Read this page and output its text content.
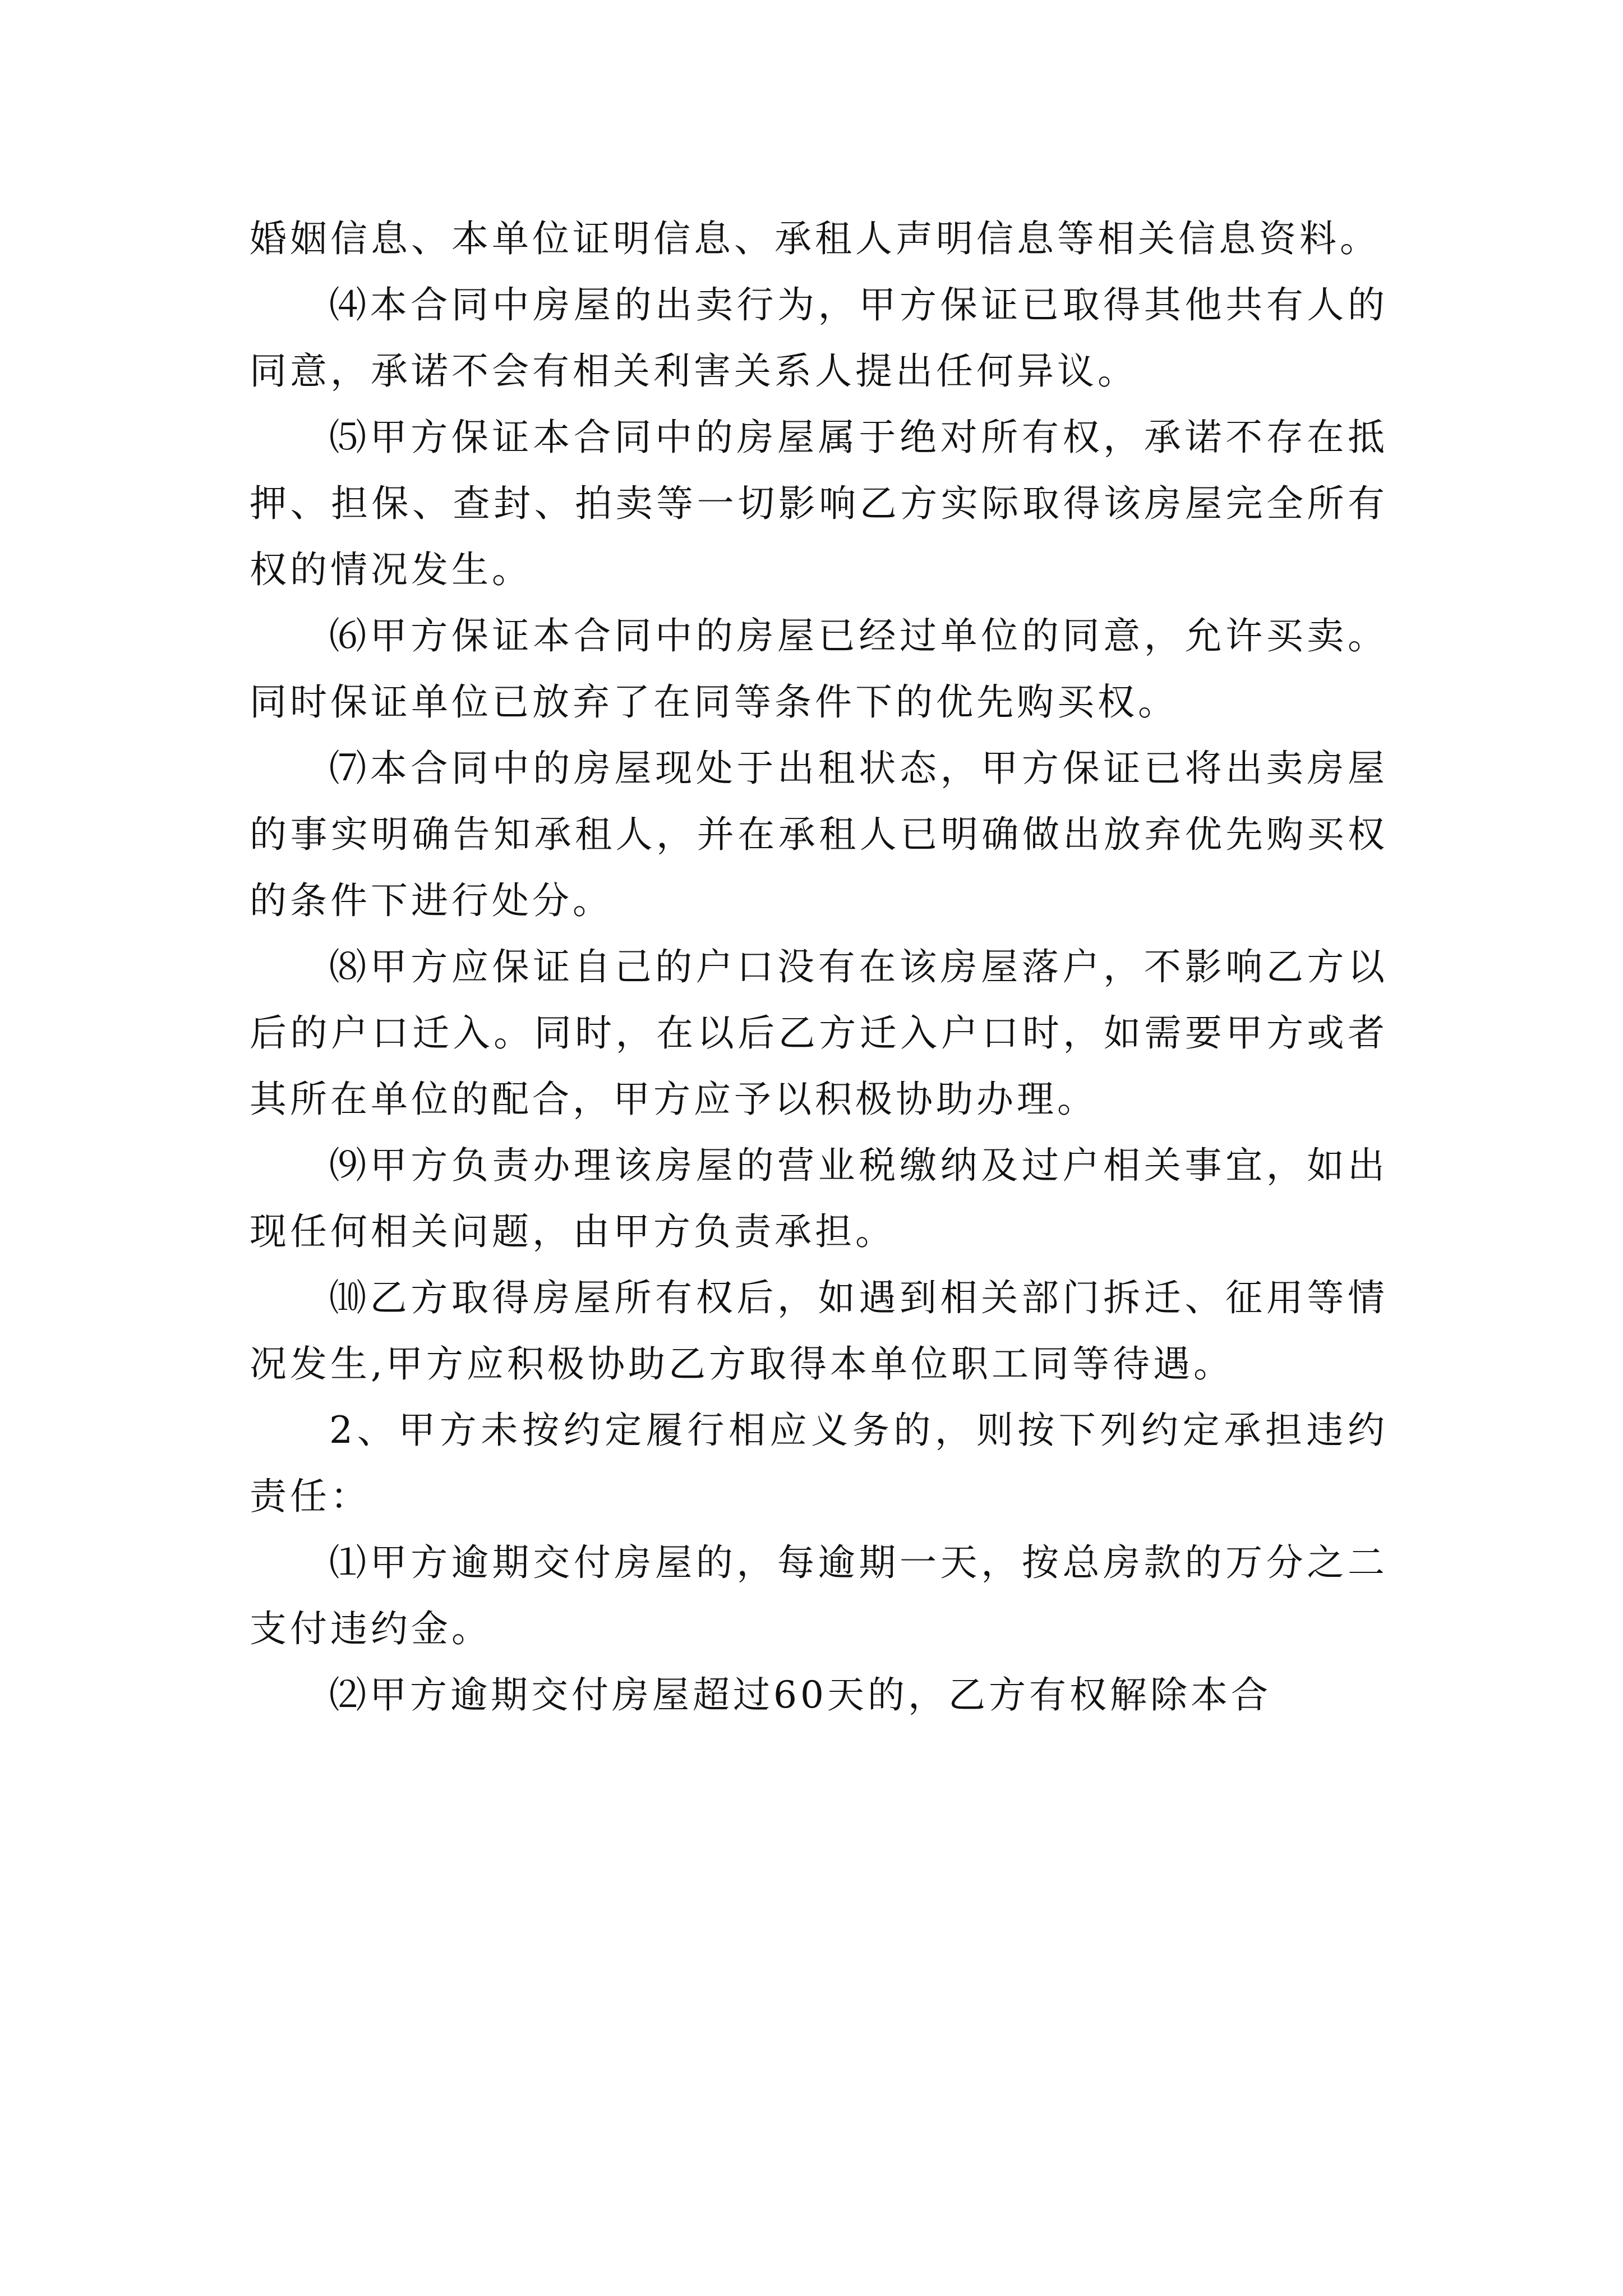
婚姻信息、本单位证明信息、承租人声明信息等相关信息资料。

⑷本合同中房屋的出卖行为，甲方保证已取得其他共有人的同意，承诺不会有相关利害关系人提出任何异议。

⑸甲方保证本合同中的房屋属于绝对所有权，承诺不存在抵押、担保、查封、拍卖等一切影响乙方实际取得该房屋完全所有权的情况发生。

⑹甲方保证本合同中的房屋已经过单位的同意，允许买卖。同时保证单位已放弃了在同等条件下的优先购买权。

⑺本合同中的房屋现处于出租状态，甲方保证已将出卖房屋的事实明确告知承租人，并在承租人已明确做出放弃优先购买权的条件下进行处分。

⑻甲方应保证自己的户口没有在该房屋落户，不影响乙方以后的户口迁入。同时，在以后乙方迁入户口时，如需要甲方或者其所在单位的配合，甲方应予以积极协助办理。

⑼甲方负责办理该房屋的营业税缴纳及过户相关事宜，如出现任何相关问题，由甲方负责承担。

⑽乙方取得房屋所有权后，如遇到相关部门拆迁、征用等情况发生,甲方应积极协助乙方取得本单位职工同等待遇。

2、甲方未按约定履行相应义务的，则按下列约定承担违约责任：

⑴甲方逾期交付房屋的，每逾期一天，按总房款的万分之二支付违约金。

⑵甲方逾期交付房屋超过60天的，乙方有权解除本合
